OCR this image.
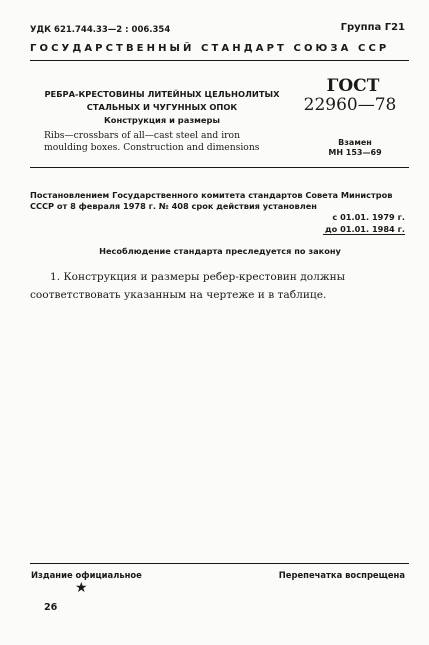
УДК 621.744.33—2 : 006.354	Группа Г21
ГОСУДАРСТВЕННЫЙ СТАНДАРТ СОЮЗА ССР
РЕБРА-КРЕСТОВИНЫ ЛИТЕЙНЫХ ЦЕЛЬНОЛИТЫХ
СТАЛЬНЫХ И ЧУГУННЫХ ОПОК
Конструкция и размеры
Ribs—crossbars of all—cast steel and iron moulding boxes. Construction and dimensions
ГОСТ
22960—78
Взамен
МН 153—69
Постановлением Государственного комитета стандартов Совета Министров СССР от 8 февраля 1978 г. № 408 срок действия установлен
с 01.01. 1979 г.
до 01.01. 1984 г.
Несоблюдение стандарта преследуется по закону
1. Конструкция и размеры ребер-крестовин должны соответствовать указанным на чертеже и в таблице.
Издание официальное
★
Перепечатка воспрещена
26
